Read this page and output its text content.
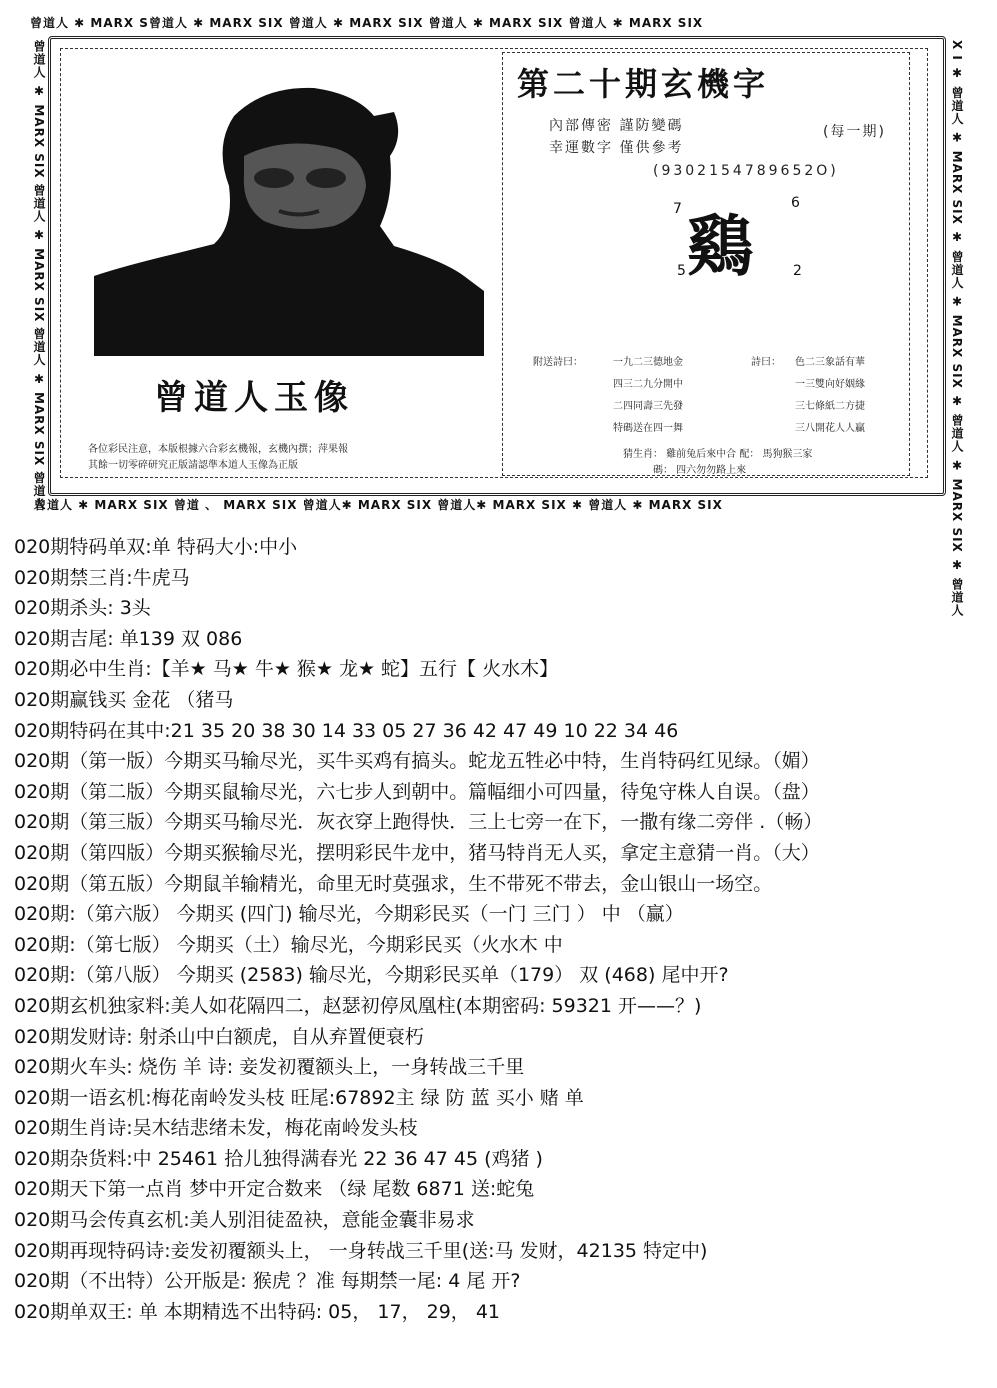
曾道人 ✱ MARX S曾道人 ✱ MARX SIX 曾道人 ✱ MARX SIX 曾道人 ✱ MARX SIX 曾道人 ✱ MARX SIX
曾道人 ✱ MARX SIX 曾道 、 MARX SIX 曾道人✱ MARX SIX 曾道人✱ MARX SIX ✱ 曾道人 ✱ MARX SIX
曾道人 ✱ MARX SIX 曾道人 ✱ MARX SIX 曾道人 ✱ MARX SIX 曾道人	X I ✱ 曾道人 ✱ MARX SIX ✱ 曾道人 ✱ MARX SIX ✱ 曾道人 ✱ MARX SIX ✱ 曾道人
曾道人玉像
各位彩民注意，本版根據六合彩玄機報，玄機內撰；萍果報
其餘一切零碎研究正版請認準本道人玉像為正版
第二十期玄機字
內部傳密 謹防變碼
幸運數字 僅供參考
(每一期)
(9302154789652O)
鷄
7	6
5	2
附送詩曰：	一九二三德地金
四三二九分開中
二四同壽三先發
特碼送在四一舞
詩曰： 色二三象話有華
一三雙向好姻緣
三七條紙二方捷
三八開花人人贏
猜生肖： 雞前兔后來中合 配： 馬狗猴三家
碼： 四六勿勿路上來
020期特码单双:单 特码大小:中小
020期禁三肖:牛虎马
020期杀头: 3头
020期吉尾: 单139 双 086
020期必中生肖:【羊★ 马★ 牛★ 猴★ 龙★ 蛇】五行【 火水木】
020期赢钱买 金花 （猪马
020期特码在其中:21 35 20 38 30 14 33 05 27 36 42 47 49 10 22 34 46
020期（第一版）今期买马输尽光，买牛买鸡有搞头。蛇龙五牲必中特，生肖特码红见绿。（媚）
020期（第二版）今期买鼠输尽光，六七步人到朝中。篇幅细小可四量，待兔守株人自误。（盘）
020期（第三版）今期买马输尽光．灰衣穿上跑得快．三上七旁一在下，一撒有缘二旁伴 .（畅）
020期（第四版）今期买猴输尽光，摆明彩民牛龙中，猪马特肖无人买，拿定主意猜一肖。（大）
020期（第五版）今期鼠羊输精光，命里无时莫强求，生不带死不带去，金山银山一场空。
020期:（第六版） 今期买 (四门) 输尽光，今期彩民买（一门 三门 ） 中 （赢）
020期:（第七版） 今期买（土）输尽光，今期彩民买（火水木 中
020期:（第八版） 今期买 (2583) 输尽光，今期彩民买单（179） 双 (468) 尾中开?
020期玄机独家料:美人如花隔四二，赵瑟初停凤凰柱(本期密码: 59321 开——？)
020期发财诗: 射杀山中白额虎，自从弃置便衰朽
020期火车头: 烧伤 羊 诗: 妾发初覆额头上，一身转战三千里
020期一语玄机:梅花南岭发头枝 旺尾:67892主 绿 防 蓝 买小 赌 单
020期生肖诗:吴木结悲绪未发，梅花南岭发头枝
020期杂货料:中 25461 拾儿独得满春光 22 36 47 45 (鸡猪 )
020期天下第一点肖 梦中开定合数来 （绿 尾数 6871 送:蛇兔
020期马会传真玄机:美人别泪徒盈袂，意能金囊非易求
020期再现特码诗:妾发初覆额头上， 一身转战三千里(送:马 发财，42135 特定中)
020期（不出特）公开版是: 猴虎 ？准 每期禁一尾: 4 尾 开?
020期单双王: 单 本期精选不出特码: 05， 17， 29， 41
